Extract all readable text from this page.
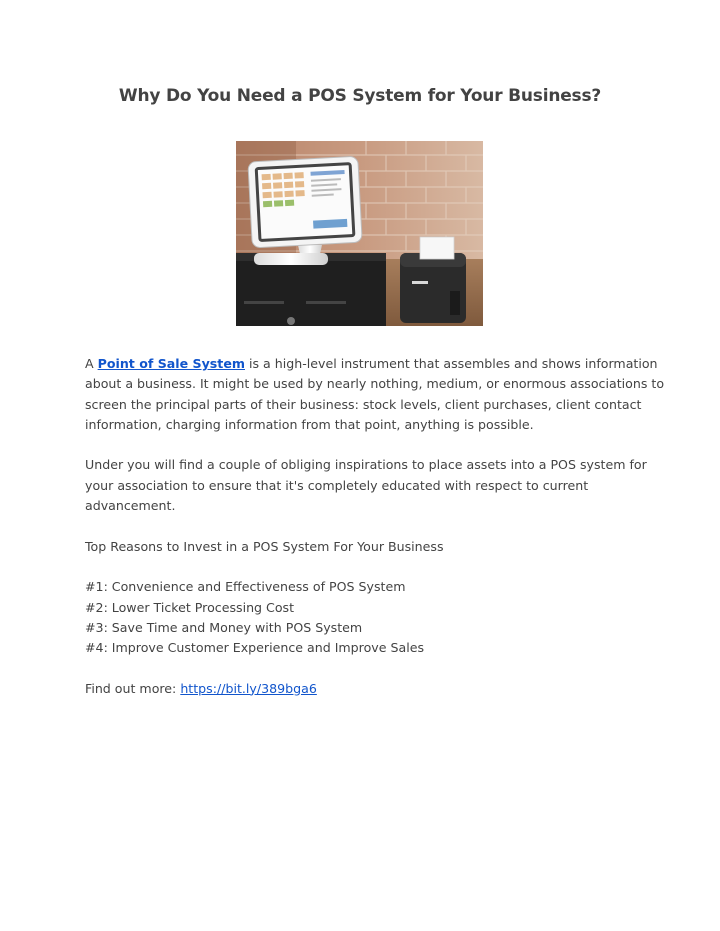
Why Do You Need a POS System for Your Business?

A Point of Sale System is a high-level instrument that assembles and shows information
about a business. It might be used by nearly nothing, medium, or enormous associations to
screen the principal parts of their business: stock levels, client purchases, client contact
information, charging information from that point, anything is possible.

Under you will find a couple of obliging inspirations to place assets into a POS system for
your association to ensure that it's completely educated with respect to current
advancement.

Top Reasons to Invest in a POS System For Your Business

#1: Convenience and Effectiveness of POS System
#2: Lower Ticket Processing Cost
#3: Save Time and Money with POS System
#4: Improve Customer Experience and Improve Sales

Find out more: https://bit.ly/389bga6
